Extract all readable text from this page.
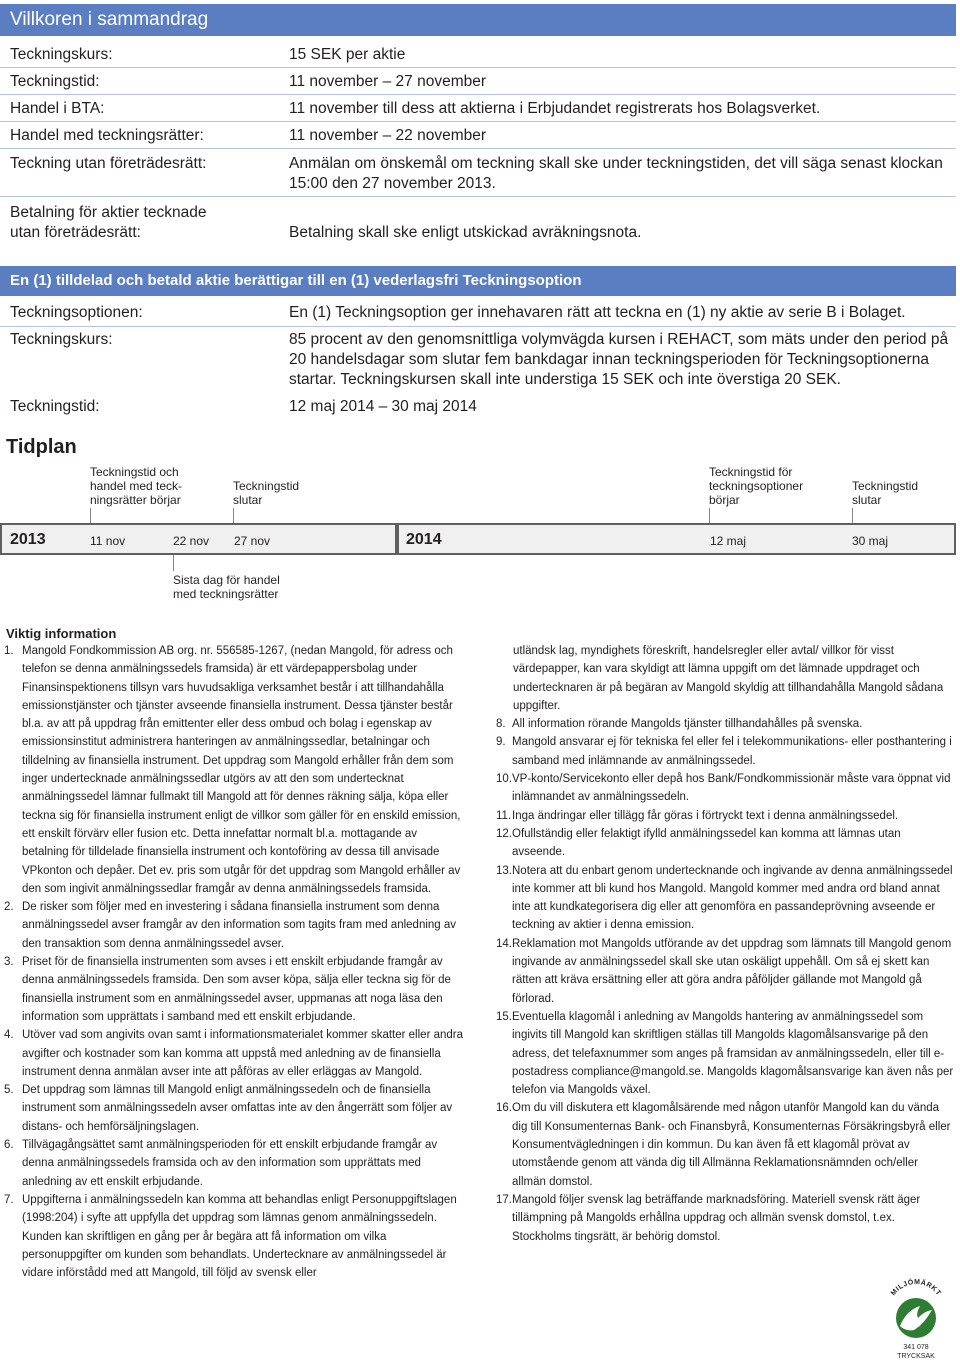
Villkoren i sammandrag
Teckningskurs:	15 SEK per aktie
Teckningstid:	11 november – 27 november
Handel i BTA:	11 november till dess att aktierna i Erbjudandet registrerats hos Bolagsverket.
Handel med teckningsrätter:	11 november – 22 november
Teckning utan företrädesrätt:	Anmälan om önskemål om teckning skall ske under teckningstiden, det vill säga senast klockan 15:00 den 27 november 2013.
Betalning för aktier tecknade utan företrädesrätt:	Betalning skall ske enligt utskickad avräkningsnota.
En (1) tilldelad och betald aktie berättigar till en (1) vederlagsfri Teckningsoption
Teckningsoptionen:	En (1) Teckningsoption ger innehavaren rätt att teckna en (1) ny aktie av serie B i Bolaget.
Teckningskurs:	85 procent av den genomsnittliga volymvägda kursen i REHACT, som mäts under den period på 20 handelsdagar som slutar fem bankdagar innan teckningsperioden för Teckningsoptionerna startar. Teckningskursen skall inte understiga 15 SEK och inte överstiga 20 SEK.
Teckningstid:	12 maj 2014 – 30 maj 2014
Tidplan
Teckningstid och handel med teck-ningsrätter börjar
Teckningstid slutar
Teckningstid för teckningsoptioner börjar
Teckningstid slutar
2013	2014
11 nov	22 nov 27 nov	12 maj	30 maj
Sista dag för handel med teckningsrätter
Viktig information
1. Mangold Fondkommission AB org. nr. 556585-1267, (nedan Mangold, för adress och telefon se denna anmälningssedels framsida) är ett värdepappersbolag under Finansinspektionens tillsyn vars huvudsakliga verksamhet består i att tillhandahålla emissionstjänster och tjänster avseende finansiella instrument. Dessa tjänster består bl.a. av att på uppdrag från emittenter eller dess ombud och bolag i egenskap av emissionsinstitut administrera hanteringen av anmälningssedlar, betalningar och tilldelning av finansiella instrument. Det uppdrag som Mangold erhåller från dem som inger undertecknade anmälningssedlar utgörs av att den som undertecknat anmälningssedel lämnar fullmakt till Mangold att för dennes räkning sälja, köpa eller teckna sig för finansiella instrument enligt de villkor som gäller för en enskild emission, ett enskilt förvärv eller fusion etc. Detta innefattar normalt bl.a. mottagande av betalning för tilldelade finansiella instrument och kontoföring av dessa till anvisade VPkonton och depåer. Det ev. pris som utgår för det uppdrag som Mangold erhåller av den som ingivit anmälningssedlar framgår av denna anmälningssedels framsida.
2. De risker som följer med en investering i sådana finansiella instrument som denna anmälningssedel avser framgår av den information som tagits fram med anledning av den transaktion som denna anmälningssedel avser.
3. Priset för de finansiella instrumenten som avses i ett enskilt erbjudande framgår av denna anmälningssedels framsida. Den som avser köpa, sälja eller teckna sig för de finansiella instrument som en anmälningssedel avser, uppmanas att noga läsa den information som upprättats i samband med ett enskilt erbjudande.
4. Utöver vad som angivits ovan samt i informationsmaterialet kommer skatter eller andra avgifter och kostnader som kan komma att uppstå med anledning av de finansiella instrument denna anmälan avser inte att påföras av eller erläggas av Mangold.
5. Det uppdrag som lämnas till Mangold enligt anmälningssedeln och de finansiella instrument som anmälningssedeln avser omfattas inte av den ångerrätt som följer av distans- och hemförsäljningslagen.
6. Tillvägagångsättet samt anmälningsperioden för ett enskilt erbjudande framgår av denna anmälningssedels framsida och av den information som upprättats med anledning av ett enskilt erbjudande.
7. Uppgifterna i anmälningssedeln kan komma att behandlas enligt Personuppgiftslagen (1998:204) i syfte att uppfylla det uppdrag som lämnas genom anmälningssedeln. Kunden kan skriftligen en gång per år begära att få information om vilka personuppgifter om kunden som behandlats. Undertecknare av anmälningssedel är vidare införstådd med att Mangold, till följd av svensk eller
utländsk lag, myndighets föreskrift, handelsregler eller avtal/ villkor för visst värdepapper, kan vara skyldigt att lämna uppgift om det lämnade uppdraget och undertecknaren är på begäran av Mangold skyldig att tillhandahålla Mangold sådana uppgifter.
8. All information rörande Mangolds tjänster tillhandahålles på svenska.
9. Mangold ansvarar ej för tekniska fel eller fel i telekommunikations- eller posthantering i samband med inlämnande av anmälningssedel.
10. VP-konto/Servicekonto eller depå hos Bank/Fondkommissionär måste vara öppnat vid inlämnandet av anmälningssedeln.
11. Inga ändringar eller tillägg får göras i förtryckt text i denna anmälningssedel.
12. Ofullständig eller felaktigt ifylld anmälningssedel kan komma att lämnas utan avseende.
13. Notera att du enbart genom undertecknande och ingivande av denna anmälningssedel inte kommer att bli kund hos Mangold. Mangold kommer med andra ord bland annat inte att kundkategorisera dig eller att genomföra en passandeprövning avseende er teckning av aktier i denna emission.
14. Reklamation mot Mangolds utförande av det uppdrag som lämnats till Mangold genom ingivande av anmälningssedel skall ske utan oskäligt uppehåll. Om så ej skett kan rätten att kräva ersättning eller att göra andra påföljder gällande mot Mangold gå förlorad.
15. Eventuella klagomål i anledning av Mangolds hantering av anmälningssedel som ingivits till Mangold kan skriftligen ställas till Mangolds klagomålsansvarige på den adress, det telefaxnummer som anges på framsidan av anmälningssedeln, eller till e-postadress compliance@mangold.se. Mangolds klagomålsansvarige kan även nås per telefon via Mangolds växel.
16. Om du vill diskutera ett klagomålsärende med någon utanför Mangold kan du vända dig till Konsumenternas Bank- och Finansbyrå, Konsumenternas Försäkringsbyrå eller Konsumentvägledningen i din kommun. Du kan även få ett klagomål prövat av utomstående genom att vända dig till Allmänna Reklamationsnämnden och/eller allmän domstol.
17. Mangold följer svensk lag beträffande marknadsföring. Materiell svensk rätt äger tillämpning på Mangolds erhållna uppdrag och allmän svensk domstol, t.ex. Stockholms tingsrätt, är behörig domstol.
MILJÖMÄRKT
341 078
TRYCKSAK
